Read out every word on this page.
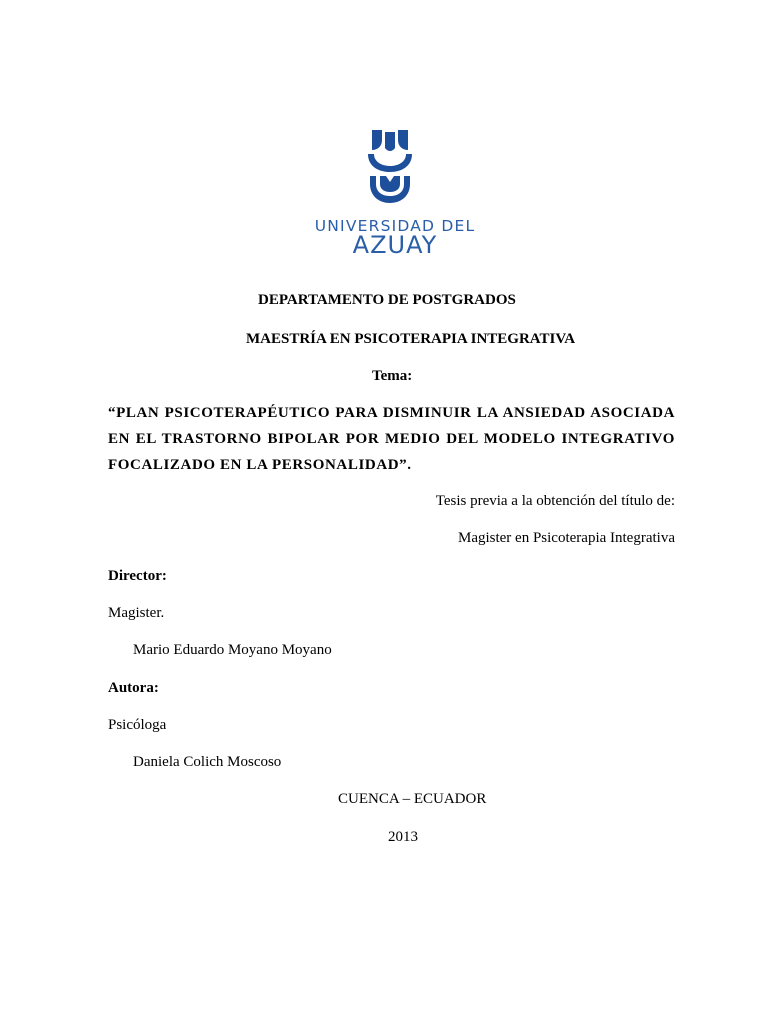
UNIVERSIDAD DEL
AZUAY
DEPARTAMENTO DE POSTGRADOS
MAESTRÍA EN PSICOTERAPIA INTEGRATIVA
Tema:
“PLAN PSICOTERAPÉUTICO PARA DISMINUIR LA ANSIEDAD ASOCIADA
EN EL TRASTORNO BIPOLAR POR MEDIO DEL MODELO INTEGRATIVO
FOCALIZADO EN LA PERSONALIDAD”.
Tesis previa a la obtención del título de:
Magister en Psicoterapia Integrativa
Director:
Magister.
Mario Eduardo Moyano Moyano
Autora:
Psicóloga
Daniela Colich Moscoso
CUENCA – ECUADOR
2013
